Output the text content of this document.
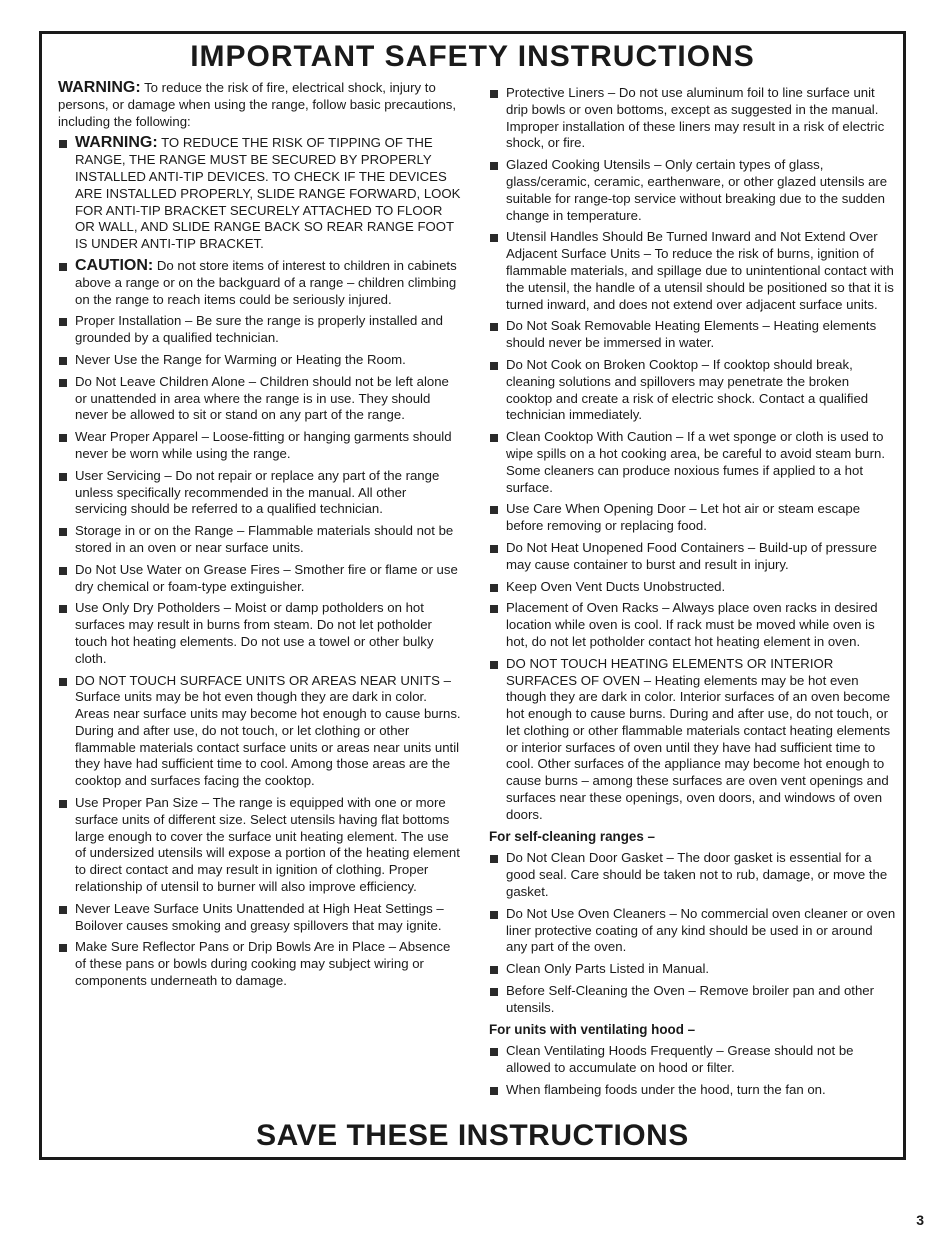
IMPORTANT SAFETY INSTRUCTIONS

WARNING: To reduce the risk of fire, electrical shock, injury to persons, or damage when using the range, follow basic precautions, including the following:

WARNING: TO REDUCE THE RISK OF TIPPING OF THE RANGE, THE RANGE MUST BE SECURED BY PROPERLY INSTALLED ANTI-TIP DEVICES. TO CHECK IF THE DEVICES ARE INSTALLED PROPERLY, SLIDE RANGE FORWARD, LOOK FOR ANTI-TIP BRACKET SECURELY ATTACHED TO FLOOR OR WALL, AND SLIDE RANGE BACK SO REAR RANGE FOOT IS UNDER ANTI-TIP BRACKET.
CAUTION: Do not store items of interest to children in cabinets above a range or on the backguard of a range – children climbing on the range to reach items could be seriously injured.
Proper Installation – Be sure the range is properly installed and grounded by a qualified technician.
Never Use the Range for Warming or Heating the Room.
Do Not Leave Children Alone – Children should not be left alone or unattended in area where the range is in use. They should never be allowed to sit or stand on any part of the range.
Wear Proper Apparel – Loose-fitting or hanging garments should never be worn while using the range.
User Servicing – Do not repair or replace any part of the range unless specifically recommended in the manual. All other servicing should be referred to a qualified technician.
Storage in or on the Range – Flammable materials should not be stored in an oven or near surface units.
Do Not Use Water on Grease Fires – Smother fire or flame or use dry chemical or foam-type extinguisher.
Use Only Dry Potholders – Moist or damp potholders on hot surfaces may result in burns from steam. Do not let potholder touch hot heating elements. Do not use a towel or other bulky cloth.
DO NOT TOUCH SURFACE UNITS OR AREAS NEAR UNITS – Surface units may be hot even though they are dark in color. Areas near surface units may become hot enough to cause burns. During and after use, do not touch, or let clothing or other flammable materials contact surface units or areas near units until they have had sufficient time to cool. Among those areas are the cooktop and surfaces facing the cooktop.
Use Proper Pan Size – The range is equipped with one or more surface units of different size. Select utensils having flat bottoms large enough to cover the surface unit heating element. The use of undersized utensils will expose a portion of the heating element to direct contact and may result in ignition of clothing. Proper relationship of utensil to burner will also improve efficiency.
Never Leave Surface Units Unattended at High Heat Settings – Boilover causes smoking and greasy spillovers that may ignite.
Make Sure Reflector Pans or Drip Bowls Are in Place – Absence of these pans or bowls during cooking may subject wiring or components underneath to damage.
Protective Liners – Do not use aluminum foil to line surface unit drip bowls or oven bottoms, except as suggested in the manual. Improper installation of these liners may result in a risk of electric shock, or fire.
Glazed Cooking Utensils – Only certain types of glass, glass/ceramic, ceramic, earthenware, or other glazed utensils are suitable for range-top service without breaking due to the sudden change in temperature.
Utensil Handles Should Be Turned Inward and Not Extend Over Adjacent Surface Units – To reduce the risk of burns, ignition of flammable materials, and spillage due to unintentional contact with the utensil, the handle of a utensil should be positioned so that it is turned inward, and does not extend over adjacent surface units.
Do Not Soak Removable Heating Elements – Heating elements should never be immersed in water.
Do Not Cook on Broken Cooktop – If cooktop should break, cleaning solutions and spillovers may penetrate the broken cooktop and create a risk of electric shock. Contact a qualified technician immediately.
Clean Cooktop With Caution – If a wet sponge or cloth is used to wipe spills on a hot cooking area, be careful to avoid steam burn. Some cleaners can produce noxious fumes if applied to a hot surface.
Use Care When Opening Door – Let hot air or steam escape before removing or replacing food.
Do Not Heat Unopened Food Containers – Build-up of pressure may cause container to burst and result in injury.
Keep Oven Vent Ducts Unobstructed.
Placement of Oven Racks – Always place oven racks in desired location while oven is cool. If rack must be moved while oven is hot, do not let potholder contact hot heating element in oven.
DO NOT TOUCH HEATING ELEMENTS OR INTERIOR SURFACES OF OVEN – Heating elements may be hot even though they are dark in color. Interior surfaces of an oven become hot enough to cause burns. During and after use, do not touch, or let clothing or other flammable materials contact heating elements or interior surfaces of oven until they have had sufficient time to cool. Other surfaces of the appliance may become hot enough to cause burns – among these surfaces are oven vent openings and surfaces near these openings, oven doors, and windows of oven doors.
For self-cleaning ranges –
Do Not Clean Door Gasket – The door gasket is essential for a good seal. Care should be taken not to rub, damage, or move the gasket.
Do Not Use Oven Cleaners – No commercial oven cleaner or oven liner protective coating of any kind should be used in or around any part of the oven.
Clean Only Parts Listed in Manual.
Before Self-Cleaning the Oven – Remove broiler pan and other utensils.
For units with ventilating hood –
Clean Ventilating Hoods Frequently – Grease should not be allowed to accumulate on hood or filter.
When flambeing foods under the hood, turn the fan on.
SAVE THESE INSTRUCTIONS
3
